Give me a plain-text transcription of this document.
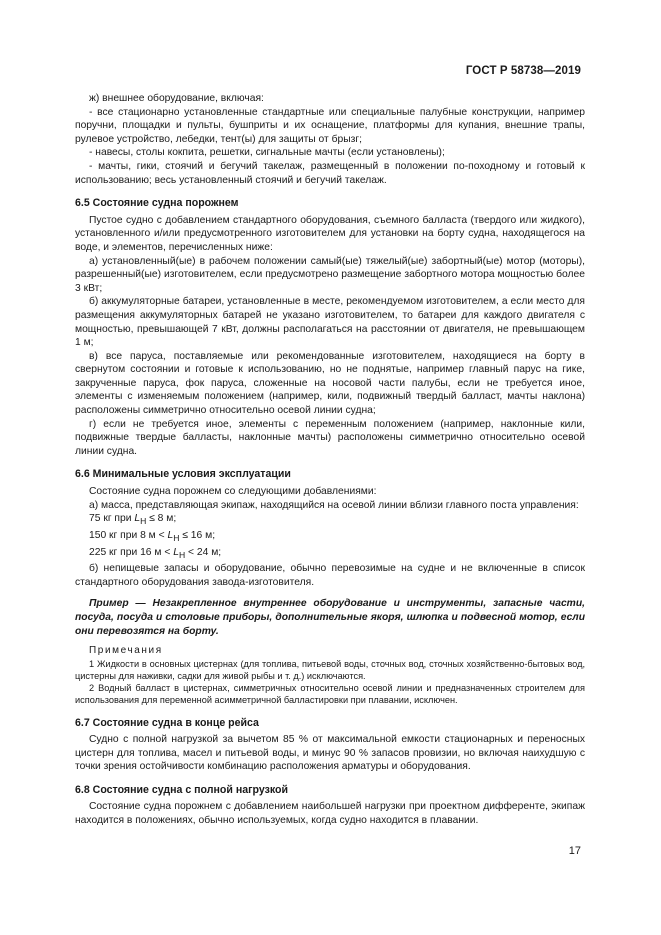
ГОСТ Р 58738—2019

ж) внешнее оборудование, включая:

- все стационарно установленные стандартные или специальные палубные конструкции, например поручни, площадки и пульты, бушприты и их оснащение, платформы для купания, внешние трапы, рулевое устройство, лебедки, тент(ы) для защиты от брызг;

- навесы, столы кокпита, решетки, сигнальные мачты (если установлены);

- мачты, гики, стоячий и бегучий такелаж, размещенный в положении по-походному и готовый к использованию; весь установленный стоячий и бегучий такелаж.

6.5 Состояние судна порожнем

Пустое судно с добавлением стандартного оборудования, съемного балласта (твердого или жидкого), установленного и/или предусмотренного изготовителем для установки на борту судна, находящегося на воде, и элементов, перечисленных ниже:

а) установленный(ые) в рабочем положении самый(ые) тяжелый(ые) забортный(ые) мотор (моторы), разрешенный(ые) изготовителем, если предусмотрено размещение забортного мотора мощностью более 3 кВт;

б) аккумуляторные батареи, установленные в месте, рекомендуемом изготовителем, а если место для размещения аккумуляторных батарей не указано изготовителем, то батареи для каждого двигателя с мощностью, превышающей 7 кВт, должны располагаться на расстоянии от двигателя, не превышающем 1 м;

в) все паруса, поставляемые или рекомендованные изготовителем, находящиеся на борту в свернутом состоянии и готовые к использованию, но не поднятые, например главный парус на гике, закрученные паруса, фок паруса, сложенные на носовой части палубы, если не требуется иное, элементы с изменяемым положением (например, кили, подвижный твердый балласт, мачты наклона) расположены симметрично относительно осевой линии судна;

г) если не требуется иное, элементы с переменным положением (например, наклонные кили, подвижные твердые балласты, наклонные мачты) расположены симметрично относительно осевой линии судна.

6.6 Минимальные условия эксплуатации

Состояние судна порожнем со следующими добавлениями:

а) масса, представляющая экипаж, находящийся на осевой линии вблизи главного поста управления:

75 кг при $L_H \le 8$ м;

150 кг при 8 $м < L_H \le 16$ м;

225 кг при 16 $м < L_H < 24$ м;

б) непищевые запасы и оборудование, обычно перевозимые на судне и не включенные в список стандартного оборудования завода-изготовителя.

Пример — Незакрепленное внутреннее оборудование и инструменты, запасные части, посуда, посуда и столовые приборы, дополнительные якоря, шлюпка и подвесной мотор, если они перевозятся на борту.

Примечания

1 Жидкости в основных цистернах (для топлива, питьевой воды, сточных вод, сточных хозяйственно-бытовых вод, цистерны для наживки, садки для живой рыбы и т. д.) исключаются.

2 Водный балласт в цистернах, симметричных относительно осевой линии и предназначенных строителем для использования для переменной асимметричной балластировки при плавании, исключен.

6.7 Состояние судна в конце рейса

Судно с полной нагрузкой за вычетом 85 % от максимальной емкости стационарных и переносных цистерн для топлива, масел и питьевой воды, и минус 90 % запасов провизии, но включая наихудшую с точки зрения остойчивости комбинацию расположения арматуры и оборудования.

6.8 Состояние судна с полной нагрузкой

Состояние судна порожнем с добавлением наибольшей нагрузки при проектном дифференте, экипаж находится в положениях, обычно используемых, когда судно находится в плавании.

17
